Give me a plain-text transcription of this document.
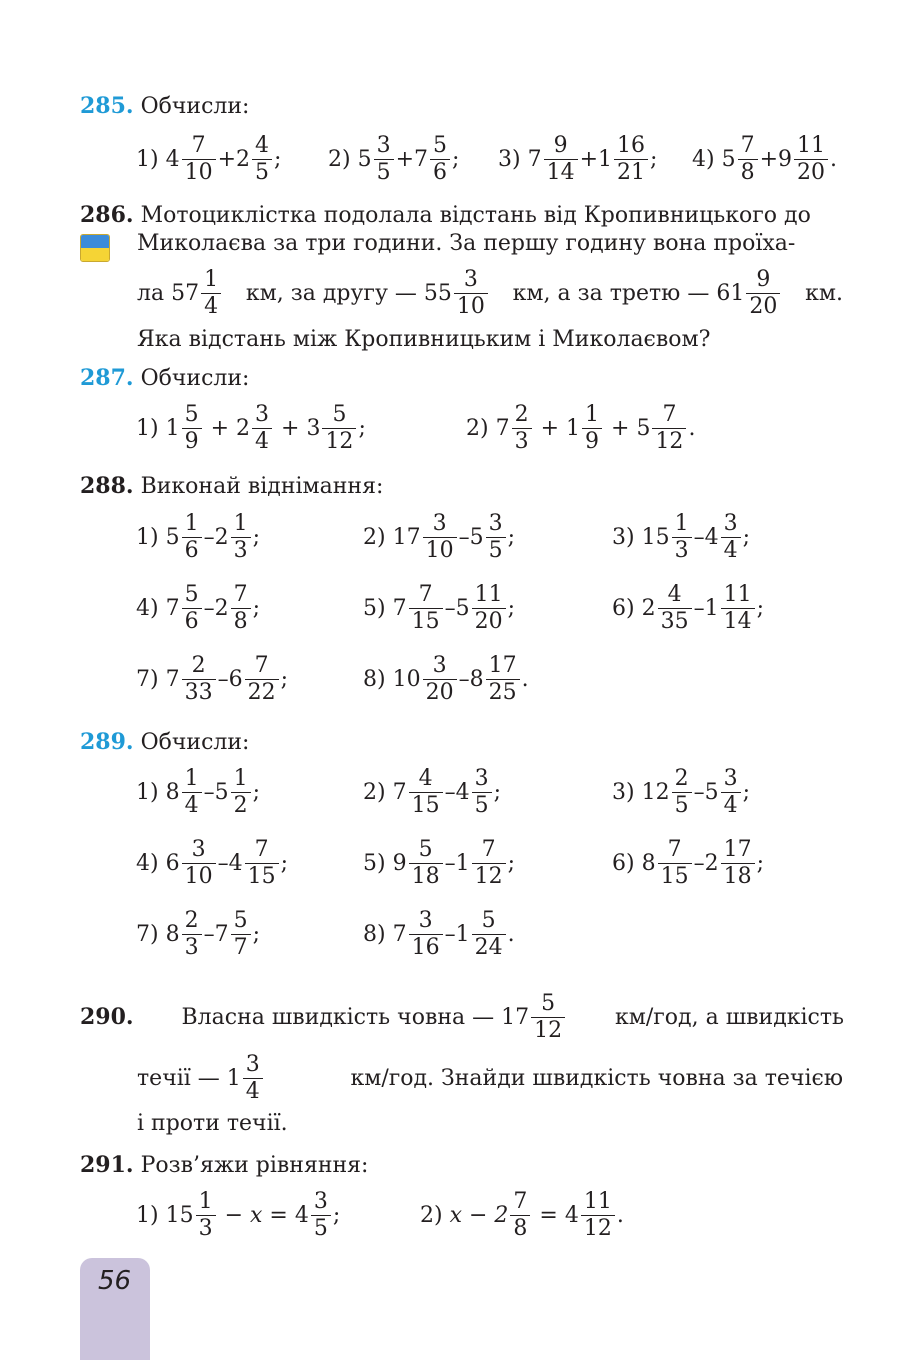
285. Обчисли:
1)
$4 \frac{7}{10} + 2 \frac{4}{5}$ ; 2)
$5 \frac{3}{5} + 7 \frac{5}{6}$ ; 3)
$7 \frac{9}{14} + 1 \frac{16}{21}$ ; 4)
$5 \frac{7}{8} + 9 \frac{11}{20}$ .
286. Мотоциклістка подолала відстань від Кропивницького до
Миколаєва за три години. За першу годину вона проїха-
ла $57 \frac{1}{4}$ км, за другу — $55 \frac{3}{10}$ км, а за третю — $61 \frac{9}{20}$ км.
Яка відстань між Кропивницьким і Миколаєвом?
287. Обчисли:
1)
$1 \frac{5}{9} + 2 \frac{3}{4} + 3 \frac{5}{12}$ ;	2)
$7 \frac{2}{3} + 1 \frac{1}{9} + 5 \frac{7}{12}$ .
288. Виконай віднімання:
1)
$5 \frac{1}{6} - 2 \frac{1}{3}$ ;	2)
$17 \frac{3}{10} - 5 \frac{3}{5}$ ;	3)
$15 \frac{1}{3} - 4 \frac{3}{4}$ ;
4)
$7 \frac{5}{6} - 2 \frac{7}{8}$ ;	5)
$7 \frac{7}{15} - 5 \frac{11}{20}$ ;	6)
$2 \frac{4}{35} - 1 \frac{11}{14}$ ;
7)
$7 \frac{2}{33} - 6 \frac{7}{22}$ ;	8)
$10 \frac{3}{20} - 8 \frac{17}{25}$ .
289. Обчисли:
1)
$8 \frac{1}{4} - 5 \frac{1}{2}$ ;	2)
$7 \frac{4}{15} - 4 \frac{3}{5}$ ;	3)
$12 \frac{2}{5} - 5 \frac{3}{4}$ ;
4)
$6 \frac{3}{10} - 4 \frac{7}{15}$ ;	5)
$9 \frac{5}{18} - 1 \frac{7}{12}$ ;	6)
$8 \frac{7}{15} - 2 \frac{17}{18}$ ;
7)
$8 \frac{2}{3} - 7 \frac{5}{7}$ ;	8)
$7 \frac{3}{16} - 1 \frac{5}{24}$ .
290. Власна швидкість човна — $17 \frac{5}{12} км/год$, а швидкість
течії — $1 \frac{3}{4}$	км/год. Знайди швидкість човна за течією
і проти течії.
291. Розв’яжи рівняння:
1)
$15 \frac{1}{3}$
− x =
$4 \frac{3}{5}$ ;	2)
$x - 2 \frac{7}{8}$
=
$4 \frac{11}{12}$ .
56
